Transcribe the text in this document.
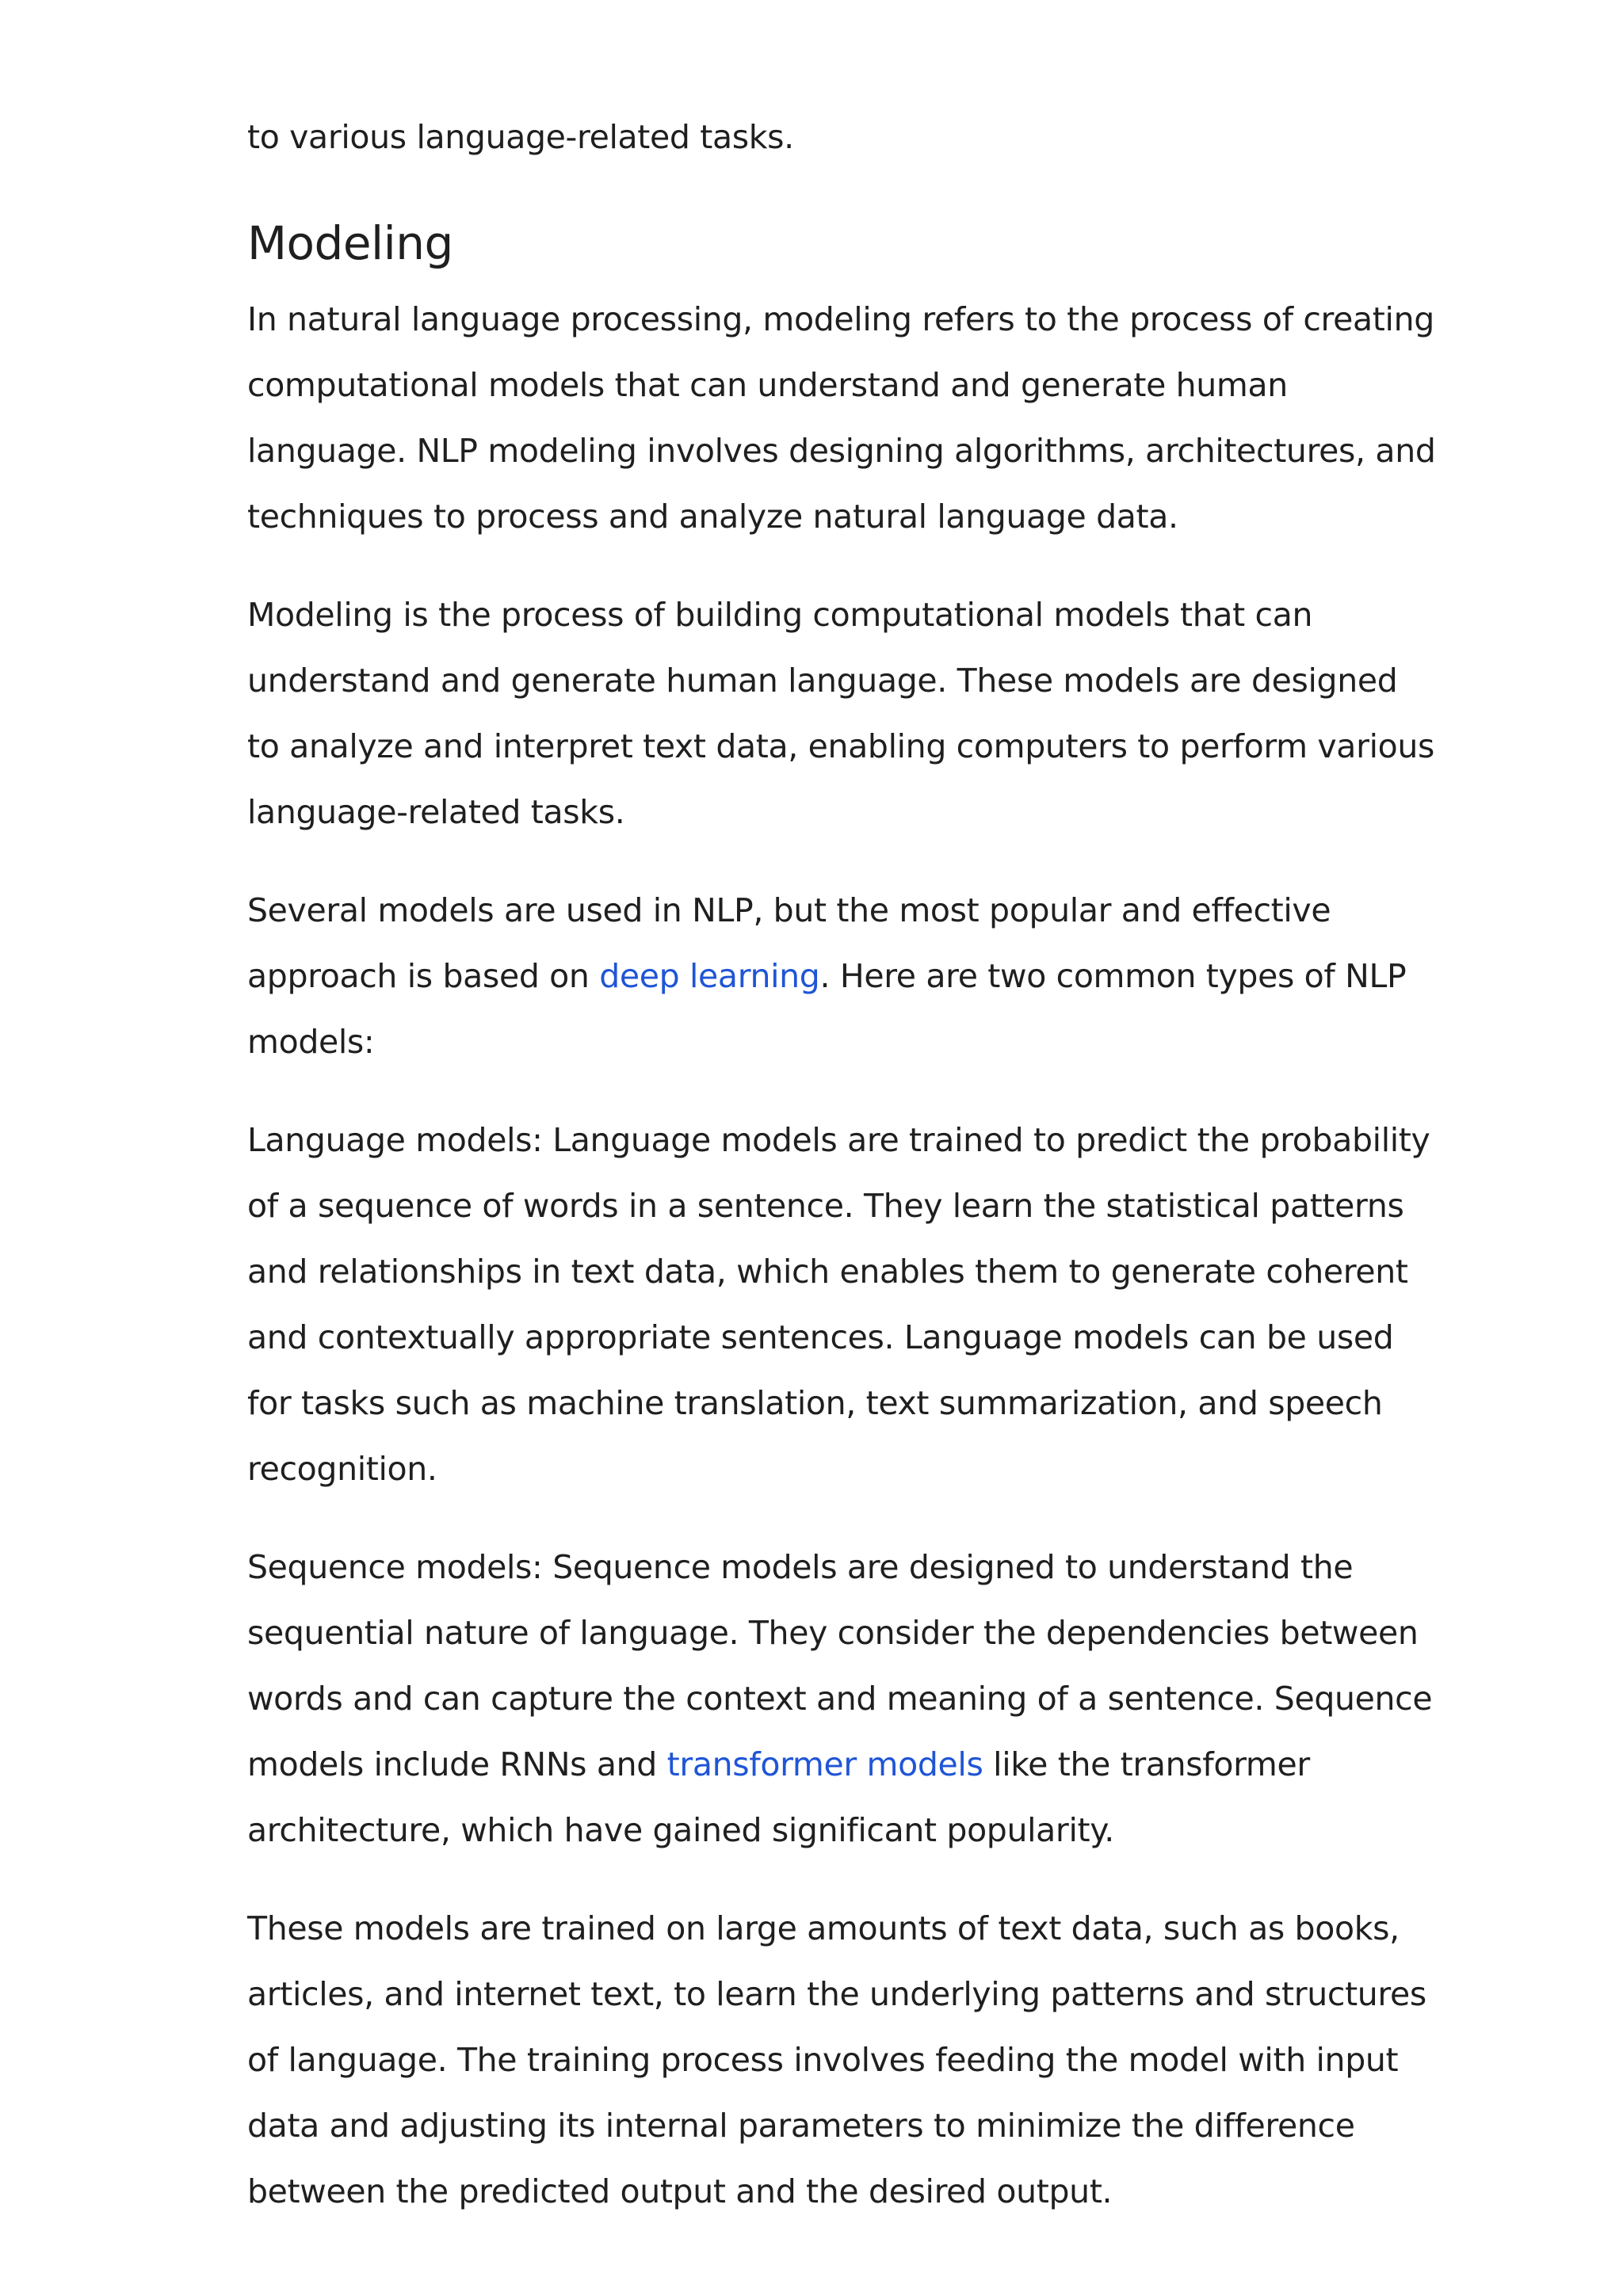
to various language-related tasks.

Modeling

In natural language processing, modeling refers to the process of creating computational models that can understand and generate human language. NLP modeling involves designing algorithms, architectures, and techniques to process and analyze natural language data.

Modeling is the process of building computational models that can understand and generate human language. These models are designed to analyze and interpret text data, enabling computers to perform various language-related tasks.

Several models are used in NLP, but the most popular and effective approach is based on deep learning. Here are two common types of NLP models:

Language models: Language models are trained to predict the probability of a sequence of words in a sentence. They learn the statistical patterns and relationships in text data, which enables them to generate coherent and contextually appropriate sentences. Language models can be used for tasks such as machine translation, text summarization, and speech recognition.

Sequence models: Sequence models are designed to understand the sequential nature of language. They consider the dependencies between words and can capture the context and meaning of a sentence. Sequence models include RNNs and transformer models like the transformer architecture, which have gained significant popularity.

These models are trained on large amounts of text data, such as books, articles, and internet text, to learn the underlying patterns and structures of language. The training process involves feeding the model with input data and adjusting its internal parameters to minimize the difference between the predicted output and the desired output.
